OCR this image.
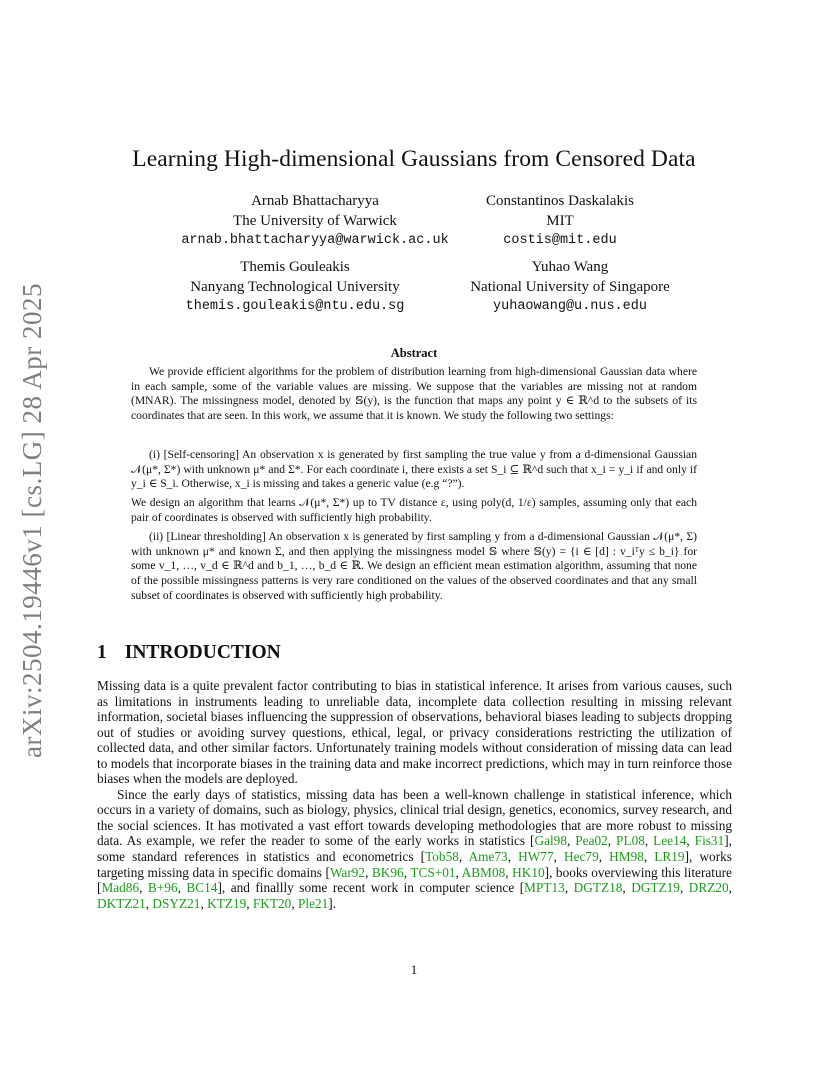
arXiv:2504.19446v1 [cs.LG] 28 Apr 2025
Learning High-dimensional Gaussians from Censored Data
Arnab Bhattacharyya
The University of Warwick
arnab.bhattacharyya@warwick.ac.uk
Constantinos Daskalakis
MIT
costis@mit.edu
Themis Gouleakis
Nanyang Technological University
themis.gouleakis@ntu.edu.sg
Yuhao Wang
National University of Singapore
yuhaowang@u.nus.edu
Abstract

We provide efficient algorithms for the problem of distribution learning from high-dimensional Gaussian data where in each sample, some of the variable values are missing. We suppose that the variables are missing not at random (MNAR). The missingness model, denoted by 𝕊(y), is the function that maps any point y ∈ ℝ^d to the subsets of its coordinates that are seen. In this work, we assume that it is known. We study the following two settings:

(i) [Self-censoring] An observation x is generated by first sampling the true value y from a d-dimensional Gaussian 𝒩(μ*, Σ*) with unknown μ* and Σ*. For each coordinate i, there exists a set S_i ⊆ ℝ^d such that x_i = y_i if and only if y_i ∈ S_i. Otherwise, x_i is missing and takes a generic value (e.g “?”).

We design an algorithm that learns 𝒩(μ*, Σ*) up to TV distance ε, using poly(d, 1/ε) samples, assuming only that each pair of coordinates is observed with sufficiently high probability.

(ii) [Linear thresholding] An observation x is generated by first sampling y from a d-dimensional Gaussian 𝒩(μ*, Σ) with unknown μ* and known Σ, and then applying the missingness model 𝕊 where 𝕊(y) = {i ∈ [d] : v_iᵀy ≤ b_i} for some v_1, …, v_d ∈ ℝ^d and b_1, …, b_d ∈ ℝ. We design an efficient mean estimation algorithm, assuming that none of the possible missingness patterns is very rare conditioned on the values of the observed coordinates and that any small subset of coordinates is observed with sufficiently high probability.

1 INTRODUCTION

Missing data is a quite prevalent factor contributing to bias in statistical inference. It arises from various causes, such as limitations in instruments leading to unreliable data, incomplete data collection resulting in missing relevant information, societal biases influencing the suppression of observations, behavioral biases leading to subjects dropping out of studies or avoiding survey questions, ethical, legal, or privacy considerations restricting the utilization of collected data, and other similar factors. Unfortunately training models without consideration of missing data can lead to models that incorporate biases in the training data and make incorrect predictions, which may in turn reinforce those biases when the models are deployed.

Since the early days of statistics, missing data has been a well-known challenge in statistical inference, which occurs in a variety of domains, such as biology, physics, clinical trial design, genetics, economics, survey research, and the social sciences. It has motivated a vast effort towards developing methodologies that are more robust to missing data. As example, we refer the reader to some of the early works in statistics [Gal98, Pea02, PL08, Lee14, Fis31], some standard references in statistics and econometrics [Tob58, Ame73, HW77, Hec79, HM98, LR19], works targeting missing data in specific domains [War92, BK96, TCS+01, ABM08, HK10], books overviewing this literature [Mad86, B+96, BC14], and finallly some recent work in computer science [MPT13, DGTZ18, DGTZ19, DRZ20, DKTZ21, DSYZ21, KTZ19, FKT20, Ple21].

1
